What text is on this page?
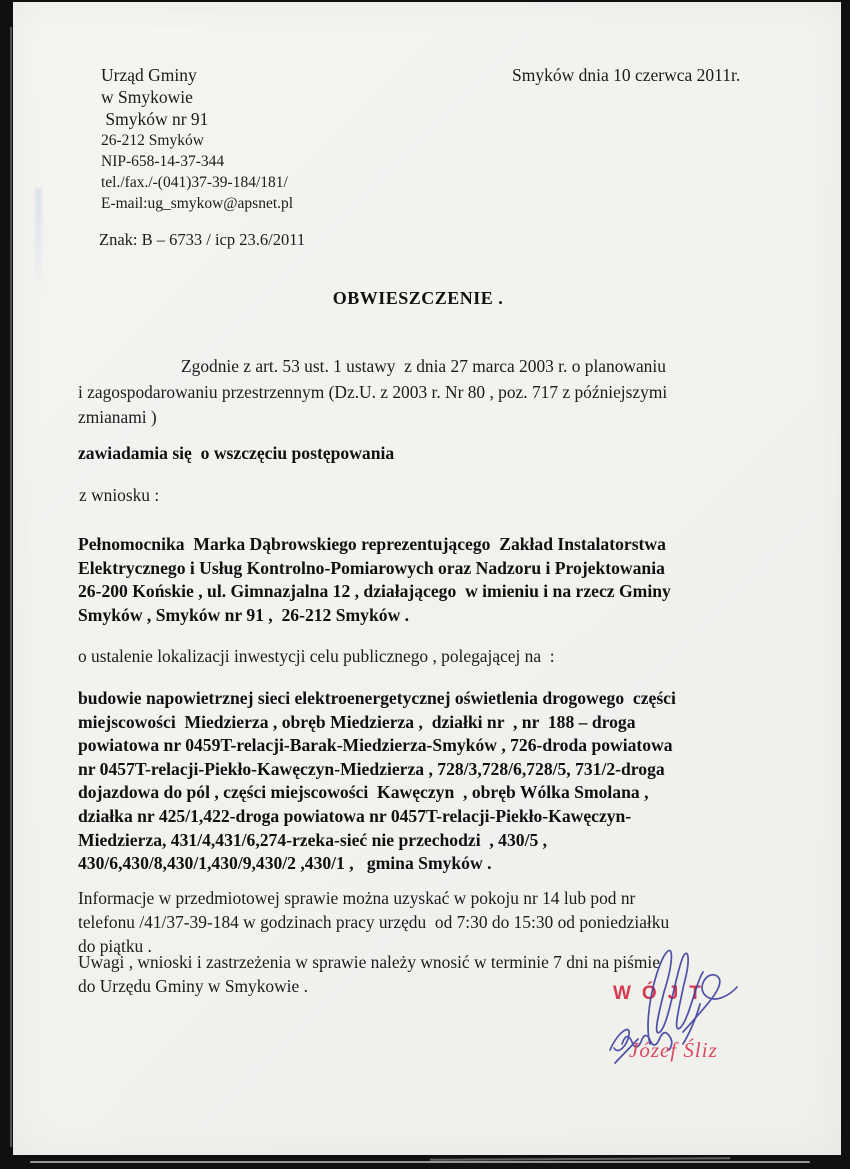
Urząd Gminy
w Smykowie
Smyków nr 91
26-212 Smyków
NIP-658-14-37-344
tel./fax./-(041)37-39-184/181/
E-mail:ug_smykow@apsnet.pl
Smyków dnia 10 czerwca 2011r.
Znak: B – 6733 / icp 23.6/2011
OBWIESZCZENIE .
Zgodnie z art. 53 ust. 1 ustawy  z dnia 27 marca 2003 r. o planowaniu
i zagospodarowaniu przestrzennym (Dz.U. z 2003 r. Nr 80 , poz. 717 z późniejszymi
zmianami )
zawiadamia się  o wszczęciu postępowania
z wniosku :
Pełnomocnika  Marka Dąbrowskiego reprezentującego  Zakład Instalatorstwa
Elektrycznego i Usług Kontrolno-Pomiarowych oraz Nadzoru i Projektowania
26-200 Końskie , ul. Gimnazjalna 12 , działającego  w imieniu i na rzecz Gminy
Smyków , Smyków nr 91 ,  26-212 Smyków .
o ustalenie lokalizacji inwestycji celu publicznego , polegającej na  :
budowie napowietrznej sieci elektroenergetycznej oświetlenia drogowego  części
miejscowości  Miedzierza , obręb Miedzierza ,  działki nr  , nr  188 – droga
powiatowa nr 0459T-relacji-Barak-Miedzierza-Smyków , 726-droda powiatowa
nr 0457T-relacji-Piekło-Kawęczyn-Miedzierza , 728/3,728/6,728/5, 731/2-droga
dojazdowa do pól , części miejscowości  Kawęczyn  , obręb Wólka Smolana ,
działka nr 425/1,422-droga powiatowa nr 0457T-relacji-Piekło-Kawęczyn-
Miedzierza, 431/4,431/6,274-rzeka-sieć nie przechodzi  , 430/5 ,
430/6,430/8,430/1,430/9,430/2 ,430/1 ,   gmina Smyków .
Informacje w przedmiotowej sprawie można uzyskać w pokoju nr 14 lub pod nr
telefonu /41/37-39-184 w godzinach pracy urzędu  od 7:30 do 15:30 od poniedziałku
do piątku .
Uwagi , wnioski i zastrzeżenia w sprawie należy wnosić w terminie 7 dni na piśmie
do Urzędu Gminy w Smykowie .	WÓJT
Józef Śliz
